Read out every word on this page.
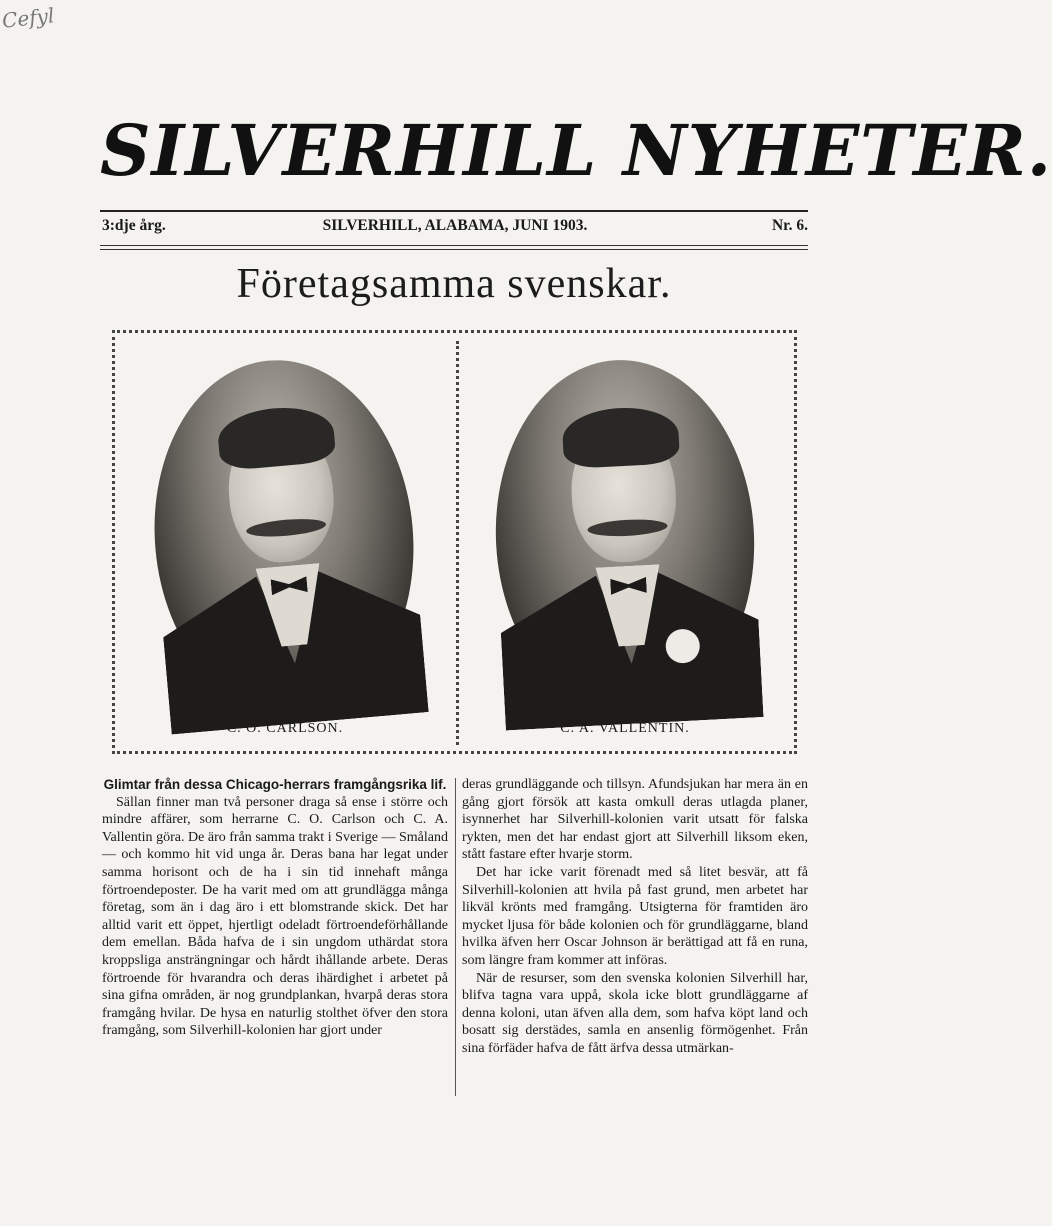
Cefyl
SILVERHILL NYHETER.
3:dje årg.	SILVERHILL, ALABAMA, JUNI 1903.	Nr. 6.
Företagsamma svenskar.
C. O. CARLSON.	C. A. VALLENTIN.
Glimtar från dessa Chicago-herrars framgångsrika lif.

Sällan finner man två personer draga så ense i större och mindre affärer, som herrarne C. O. Carlson och C. A. Vallentin göra. De äro från samma trakt i Sverige — Småland — och kommo hit vid unga år. Deras bana har legat under samma horisont och de ha i sin tid innehaft många förtroendeposter. De ha varit med om att grundlägga många företag, som än i dag äro i ett blomstrande skick. Det har alltid varit ett öppet, hjertligt odeladt förtroendeförhållande dem emellan. Båda hafva de i sin ungdom uthärdat stora kroppsliga ansträngningar och hårdt ihållande arbete. Deras förtroende för hvarandra och deras ihärdighet i arbetet på sina gifna områden, är nog grundplankan, hvarpå deras stora framgång hvilar. De hysa en naturlig stolthet öfver den stora framgång, som Silverhill-kolonien har gjort under

deras grundläggande och tillsyn. Afundsjukan har mera än en gång gjort försök att kasta omkull deras utlagda planer, isynnerhet har Silverhill-kolonien varit utsatt för falska rykten, men det har endast gjort att Silverhill liksom eken, stått fastare efter hvarje storm.

Det har icke varit förenadt med så litet besvär, att få Silverhill-kolonien att hvila på fast grund, men arbetet har likväl krönts med framgång. Utsigterna för framtiden äro mycket ljusa för både kolonien och för grundläggarne, bland hvilka äfven herr Oscar Johnson är berättigad att få en runa, som längre fram kommer att införas.

När de resurser, som den svenska kolonien Silverhill har, blifva tagna vara uppå, skola icke blott grundläggarne af denna koloni, utan äfven alla dem, som hafva köpt land och bosatt sig derstädes, samla en ansenlig förmögenhet. Från sina förfäder hafva de fått ärfva dessa utmärkan-
